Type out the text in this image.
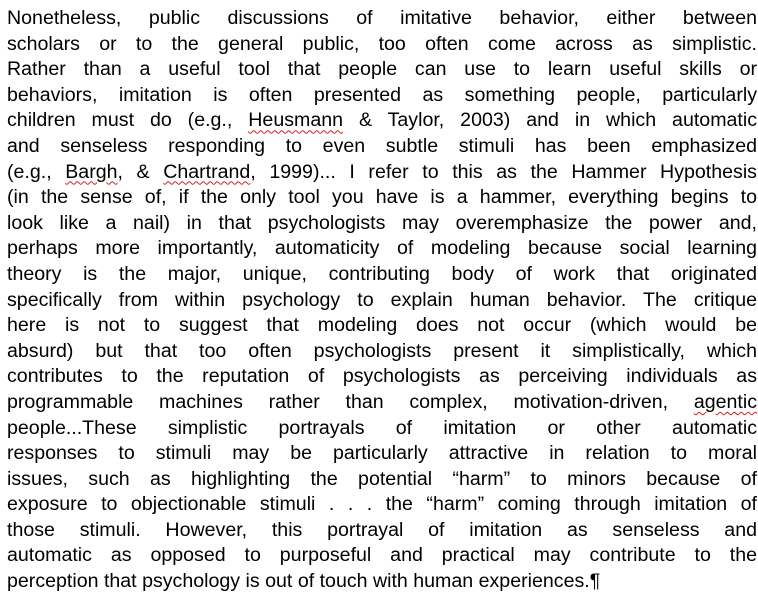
Nonetheless, public discussions of imitative behavior, either between
scholars or to the general public, too often come across as simplistic.
Rather than a useful tool that people can use to learn useful skills or
behaviors, imitation is often presented as something people, particularly
children must do (e.g., Heusmann & Taylor, 2003) and in which automatic
and senseless responding to even subtle stimuli has been emphasized
(e.g., Bargh, & Chartrand, 1999)... I refer to this as the Hammer Hypothesis
(in the sense of, if the only tool you have is a hammer, everything begins to
look like a nail) in that psychologists may overemphasize the power and,
perhaps more importantly, automaticity of modeling because social learning
theory is the major, unique, contributing body of work that originated
specifically from within psychology to explain human behavior. The critique
here is not to suggest that modeling does not occur (which would be
absurd) but that too often psychologists present it simplistically, which
contributes to the reputation of psychologists as perceiving individuals as
programmable machines rather than complex, motivation-driven, agentic
people...These simplistic portrayals of imitation or other automatic
responses to stimuli may be particularly attractive in relation to moral
issues, such as highlighting the potential “harm” to minors because of
exposure to objectionable stimuli . . . the “harm” coming through imitation of
those stimuli. However, this portrayal of imitation as senseless and
automatic as opposed to purposeful and practical may contribute to the
perception that psychology is out of touch with human experiences.¶
